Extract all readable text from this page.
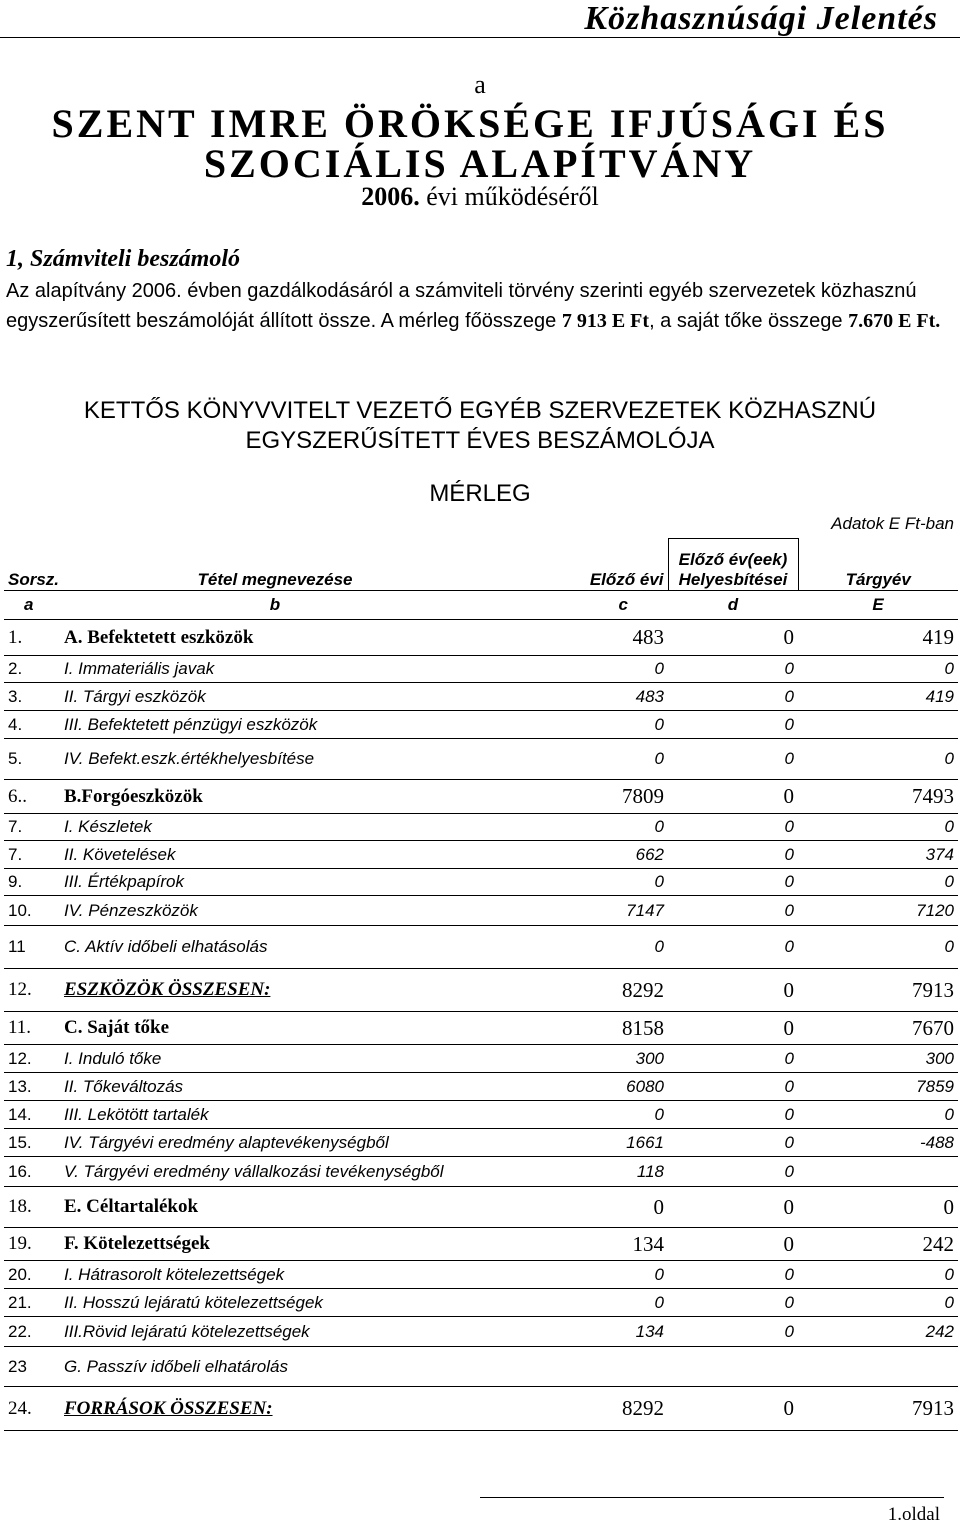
Közhasznúsági Jelentés
a
SZENT IMRE ÖRÖKSÉGE IFJÚSÁGI ÉS
SZOCIÁLIS ALAPÍTVÁNY
2006. évi működéséről
1, Számviteli beszámoló
Az alapítvány 2006. évben gazdálkodásáról a számviteli törvény szerinti egyéb szervezetek közhasznú egyszerűsített beszámolóját állított össze. A mérleg főösszege 7 913 E Ft, a saját tőke összege 7.670 E Ft.
KETTŐS KÖNYVVITELT VEZETŐ EGYÉB SZERVEZETEK KÖZHASZNÚ
EGYSZERŰSÍTETT ÉVES BESZÁMOLÓJA
MÉRLEG
Adatok E Ft-ban
Sorsz.	Tétel megnevezése	Előző évi	Előző év(eek)
Helyesbítései	Tárgyév
a	b	c	d	E
1.	A. Befektetett eszközök	483	0	419
2.	I. Immateriális javak	0	0	0
3.	II. Tárgyi eszközök	483	0	419
4.	III. Befektetett pénzügyi eszközök	0	0	
5.	IV. Befekt.eszk.értékhelyesbítése	0	0	0
6..	B.Forgóeszközök	7809	0	7493
7.	I. Készletek	0	0	0
7.	II. Követelések	662	0	374
9.	III. Értékpapírok	0	0	0
10.	IV. Pénzeszközök	7147	0	7120
11	C. Aktív időbeli elhatásolás	0	0	0
12.	ESZKÖZÖK ÖSSZESEN:	8292	0	7913
11.	C. Saját tőke	8158	0	7670
12.	I. Induló tőke	300	0	300
13.	II. Tőkeváltozás	6080	0	7859
14.	III. Lekötött tartalék	0	0	0
15.	IV. Tárgyévi eredmény alaptevékenységből	1661	0	-488
16.	V. Tárgyévi eredmény vállalkozási tevékenységből	118	0	
18.	E. Céltartalékok	0	0	0
19.	F. Kötelezettségek	134	0	242
20.	I. Hátrasorolt kötelezettségek	0	0	0
21.	II. Hosszú lejáratú kötelezettségek	0	0	0
22.	III.Rövid lejáratú kötelezettségek	134	0	242
23	G. Passzív időbeli elhatárolás			
24.	FORRÁSOK ÖSSZESEN:	8292	0	7913
1.oldal
